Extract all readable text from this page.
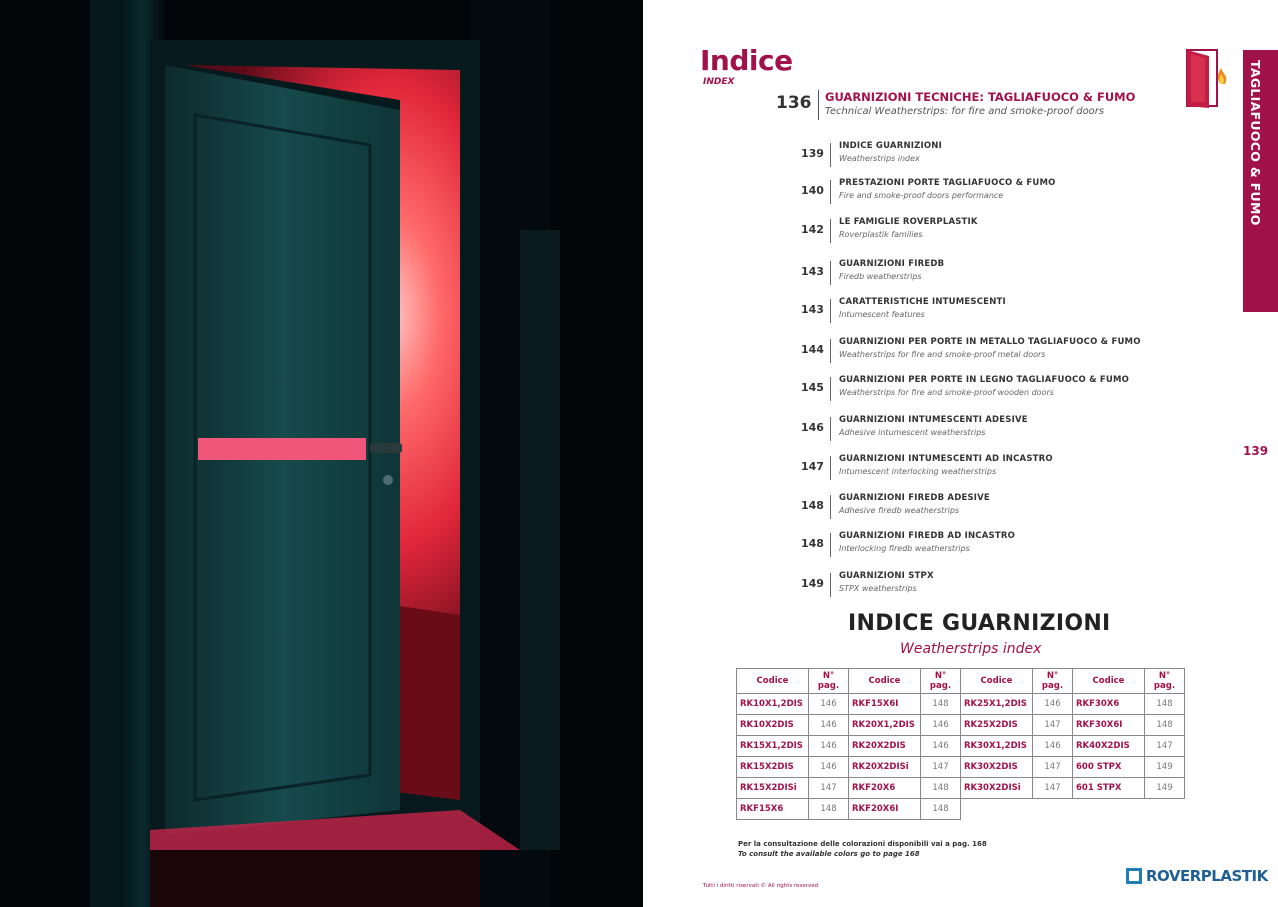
Indice
INDEX
136 GUARNIZIONI TECNICHE: TAGLIAFUOCO & FUMO
Technical Weatherstrips: for fire and smoke-proof doors	TAGLIAFUOCO & FUMO
139
139
INDICE GUARNIZIONI
Weatherstrips index
140
PRESTAZIONI PORTE TAGLIAFUOCO & FUMO
Fire and smoke-proof doors performance
142
LE FAMIGLIE ROVERPLASTIK
Roverplastik families
143
GUARNIZIONI FIREDB
Firedb weatherstrips
143
CARATTERISTICHE INTUMESCENTI
Intumescent features
144
GUARNIZIONI PER PORTE IN METALLO TAGLIAFUOCO & FUMO
Weatherstrips for fire and smoke-proof metal doors
145
GUARNIZIONI PER PORTE IN LEGNO TAGLIAFUOCO & FUMO
Weatherstrips for fire and smoke-proof wooden doors
146
GUARNIZIONI INTUMESCENTI ADESIVE
Adhesive intumescent weatherstrips
147
GUARNIZIONI INTUMESCENTI AD INCASTRO
Intumescent interlocking weatherstrips
148
GUARNIZIONI FIREDB ADESIVE
Adhesive firedb weatherstrips
148
GUARNIZIONI FIREDB AD INCASTRO
Interlocking firedb weatherstrips
149
GUARNIZIONI STPX
STPX weatherstrips
INDICE GUARNIZIONI
Weatherstrips index
Codice	N° pag.	Codice	N° pag.	Codice	N° pag.	Codice	N° pag.
RK10X1,2DIS	146	RKF15X6I	148	RK25X1,2DIS	146	RKF30X6	148
RK10X2DIS	146	RK20X1,2DIS	146	RK25X2DIS	147	RKF30X6I	148
RK15X1,2DIS	146	RK20X2DIS	146	RK30X1,2DIS	146	RK40X2DIS	147
RK15X2DIS	146	RK20X2DISi	147	RK30X2DIS	147	600 STPX	149
RK15X2DISi	147	RKF20X6	148	RK30X2DISi	147	601 STPX	149
RKF15X6	148	RKF20X6I	148				
Per la consultazione delle colorazioni disponibili vai a pag. 168
To consult the available colors go to page 168
Tutti i diritti riservati © All rights reserved
ROVERPLASTIK
